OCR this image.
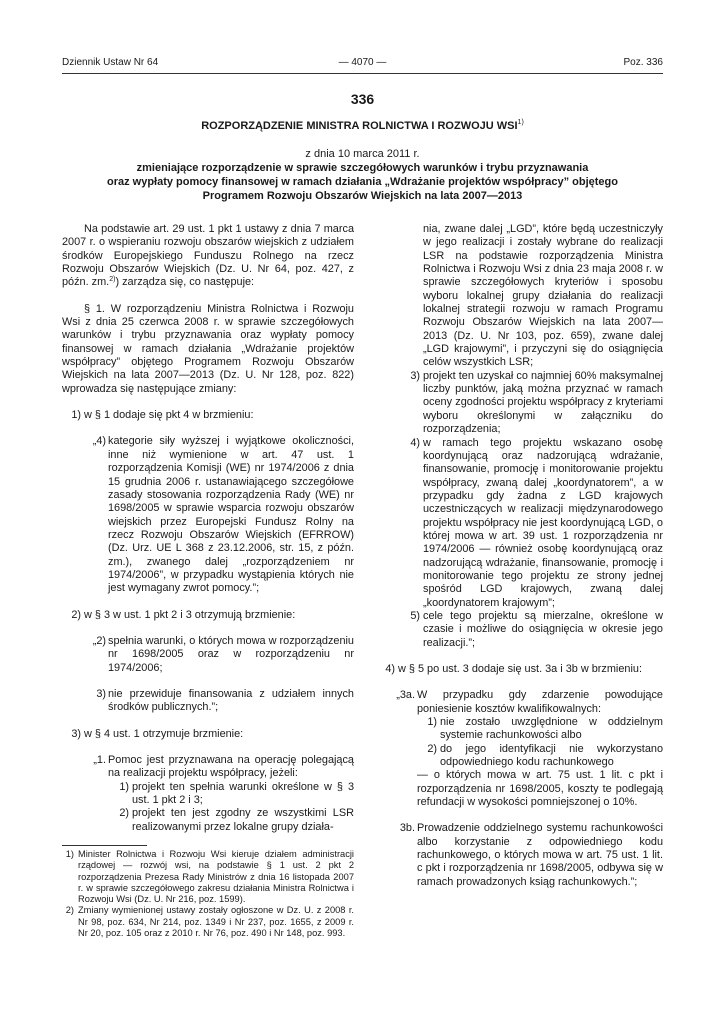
Dziennik Ustaw Nr 64	— 4070 —	Poz. 336
336
ROZPORZĄDZENIE MINISTRA ROLNICTWA I ROZWOJU WSI$^{1)}$
z dnia 10 marca 2011 r.
zmieniające rozporządzenie w sprawie szczegółowych warunków i trybu przyznawania
oraz wypłaty pomocy finansowej w ramach działania „Wdrażanie projektów współpracy” objętego
Programem Rozwoju Obszarów Wiejskich na lata 2007—2013

Na podstawie art. 29 ust. 1 pkt 1 ustawy z dnia 7 marca 2007 r. o wspieraniu rozwoju obszarów wiejskich z udziałem środków Europejskiego Funduszu Rolnego na rzecz Rozwoju Obszarów Wiejskich (Dz. U. Nr 64, poz. 427, z późn. zm.$^{2)}$) zarządza się, co następuje:

§ 1. W rozporządzeniu Ministra Rolnictwa i Rozwoju Wsi z dnia 25 czerwca 2008 r. w sprawie szczegółowych warunków i trybu przyznawania oraz wypłaty pomocy finansowej w ramach działania „Wdrażanie projektów współpracy” objętego Programem Rozwoju Obszarów Wiejskich na lata 2007—2013 (Dz. U. Nr 128, poz. 822) wprowadza się następujące zmiany:

1) w § 1 dodaje się pkt 4 w brzmieniu:
„4) kategorie siły wyższej i wyjątkowe okoliczności, inne niż wymienione w art. 47 ust. 1 rozporządzenia Komisji (WE) nr 1974/2006 z dnia 15 grudnia 2006 r. ustanawiającego szczegółowe zasady stosowania rozporządzenia Rady (WE) nr 1698/2005 w sprawie wsparcia rozwoju obszarów wiejskich przez Europejski Fundusz Rolny na rzecz Rozwoju Obszarów Wiejskich (EFRROW) (Dz. Urz. UE L 368 z 23.12.2006, str. 15, z późn. zm.), zwanego dalej „rozporządzeniem nr 1974/2006”, w przypadku wystąpienia których nie jest wymagany zwrot pomocy.”;
2) w § 3 w ust. 1 pkt 2 i 3 otrzymują brzmienie:
„2) spełnia warunki, o których mowa w rozporządzeniu nr 1698/2005 oraz w rozporządzeniu nr 1974/2006;
3) nie przewiduje finansowania z udziałem innych środków publicznych.”;
3) w § 4 ust. 1 otrzymuje brzmienie:
„1. Pomoc jest przyznawana na operację polegającą na realizacji projektu współpracy, jeżeli:
1) projekt ten spełnia warunki określone w § 3 ust. 1 pkt 2 i 3;
2) projekt ten jest zgodny ze wszystkimi LSR realizowanymi przez lokalne grupy działa-
1) Minister Rolnictwa i Rozwoju Wsi kieruje działem administracji rządowej — rozwój wsi, na podstawie § 1 ust. 2 pkt 2 rozporządzenia Prezesa Rady Ministrów z dnia 16 listopada 2007 r. w sprawie szczegółowego zakresu działania Ministra Rolnictwa i Rozwoju Wsi (Dz. U. Nr 216, poz. 1599).
2) Zmiany wymienionej ustawy zostały ogłoszone w Dz. U. z 2008 r. Nr 98, poz. 634, Nr 214, poz. 1349 i Nr 237, poz. 1655, z 2009 r. Nr 20, poz. 105 oraz z 2010 r. Nr 76, poz. 490 i Nr 148, poz. 993.

nia, zwane dalej „LGD”, które będą uczestniczyły w jego realizacji i zostały wybrane do realizacji LSR na podstawie rozporządzenia Ministra Rolnictwa i Rozwoju Wsi z dnia 23 maja 2008 r. w sprawie szczegółowych kryteriów i sposobu wyboru lokalnej grupy działania do realizacji lokalnej strategii rozwoju w ramach Programu Rozwoju Obszarów Wiejskich na lata 2007—2013 (Dz. U. Nr 103, poz. 659), zwane dalej „LGD krajowymi”, i przyczyni się do osiągnięcia celów wszystkich LSR;

3) projekt ten uzyskał co najmniej 60% maksymalnej liczby punktów, jaką można przyznać w ramach oceny zgodności projektu współpracy z kryteriami wyboru określonymi w załączniku do rozporządzenia;
4) w ramach tego projektu wskazano osobę koordynującą oraz nadzorującą wdrażanie, finansowanie, promocję i monitorowanie projektu współpracy, zwaną dalej „koordynatorem”, a w przypadku gdy żadna z LGD krajowych uczestniczących w realizacji międzynarodowego projektu współpracy nie jest koordynującą LGD, o której mowa w art. 39 ust. 1 rozporządzenia nr 1974/2006 — również osobę koordynującą oraz nadzorującą wdrażanie, finansowanie, promocję i monitorowanie tego projektu ze strony jednej spośród LGD krajowych, zwaną dalej „koordynatorem krajowym”;
5) cele tego projektu są mierzalne, określone w czasie i możliwe do osiągnięcia w okresie jego realizacji.”;
4) w § 5 po ust. 3 dodaje się ust. 3a i 3b w brzmieniu:
„3a. W przypadku gdy zdarzenie powodujące poniesienie kosztów kwalifikowalnych:
1) nie zostało uwzględnione w oddzielnym systemie rachunkowości albo
2) do jego identyfikacji nie wykorzystano odpowiedniego kodu rachunkowego

— o których mowa w art. 75 ust. 1 lit. c pkt i rozporządzenia nr 1698/2005, koszty te podlegają refundacji w wysokości pomniejszonej o 10%.

3b. Prowadzenie oddzielnego systemu rachunkowości albo korzystanie z odpowiedniego kodu rachunkowego, o których mowa w art. 75 ust. 1 lit. c pkt i rozporządzenia nr 1698/2005, odbywa się w ramach prowadzonych ksiąg rachunkowych.”;
